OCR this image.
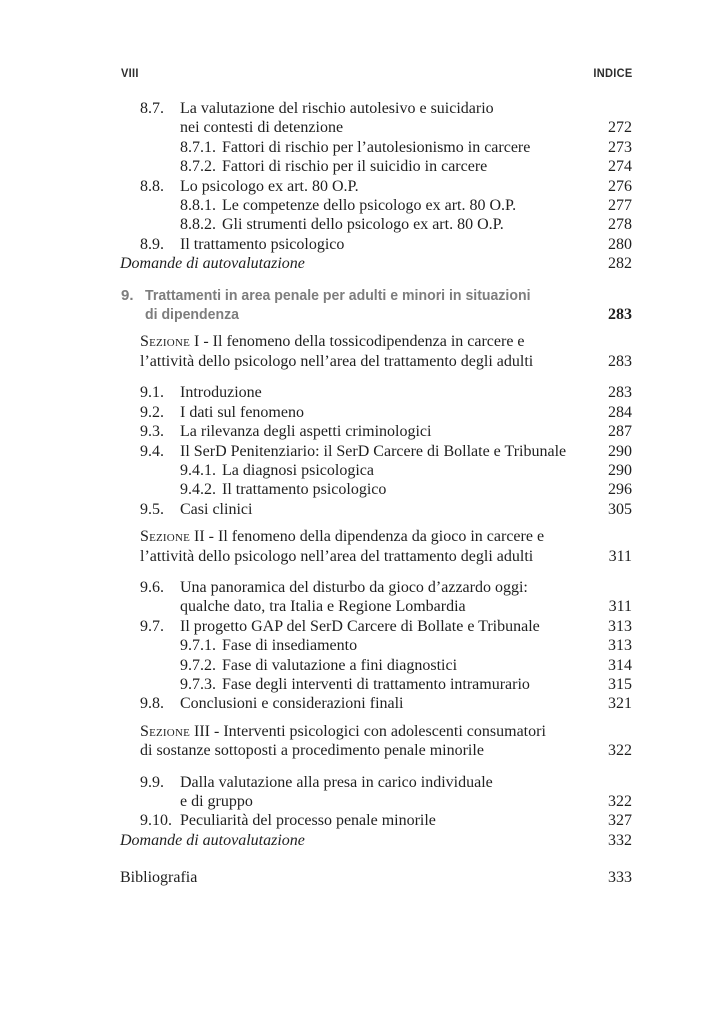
VIII	INDICE
8.7. La valutazione del rischio autolesivo e suicidario
nei contesti di detenzione	272
8.7.1. Fattori di rischio per l’autolesionismo in carcere	273
8.7.2. Fattori di rischio per il suicidio in carcere	274
8.8. Lo psicologo ex art. 80 O.P.	276
8.8.1. Le competenze dello psicologo ex art. 80 O.P.	277
8.8.2. Gli strumenti dello psicologo ex art. 80 O.P.	278
8.9. Il trattamento psicologico	280
Domande di autovalutazione	282
9. Trattamenti in area penale per adulti e minori in situazioni
di dipendenza	283
Sezione I - Il fenomeno della tossicodipendenza in carcere e
l’attività dello psicologo nell’area del trattamento degli adulti	283
9.1. Introduzione	283
9.2. I dati sul fenomeno	284
9.3. La rilevanza degli aspetti criminologici	287
9.4. Il SerD Penitenziario: il SerD Carcere di Bollate e Tribunale	290
9.4.1. La diagnosi psicologica	290
9.4.2. Il trattamento psicologico	296
9.5. Casi clinici	305
Sezione II - Il fenomeno della dipendenza da gioco in carcere e
l’attività dello psicologo nell’area del trattamento degli adulti	311
9.6. Una panoramica del disturbo da gioco d’azzardo oggi:
qualche dato, tra Italia e Regione Lombardia	311
9.7. Il progetto GAP del SerD Carcere di Bollate e Tribunale	313
9.7.1. Fase di insediamento	313
9.7.2. Fase di valutazione a fini diagnostici	314
9.7.3. Fase degli interventi di trattamento intramurario	315
9.8. Conclusioni e considerazioni finali	321
Sezione III - Interventi psicologici con adolescenti consumatori
di sostanze sottoposti a procedimento penale minorile	322
9.9. Dalla valutazione alla presa in carico individuale
e di gruppo	322
9.10. Peculiarità del processo penale minorile	327
Domande di autovalutazione	332
Bibliografia	333
